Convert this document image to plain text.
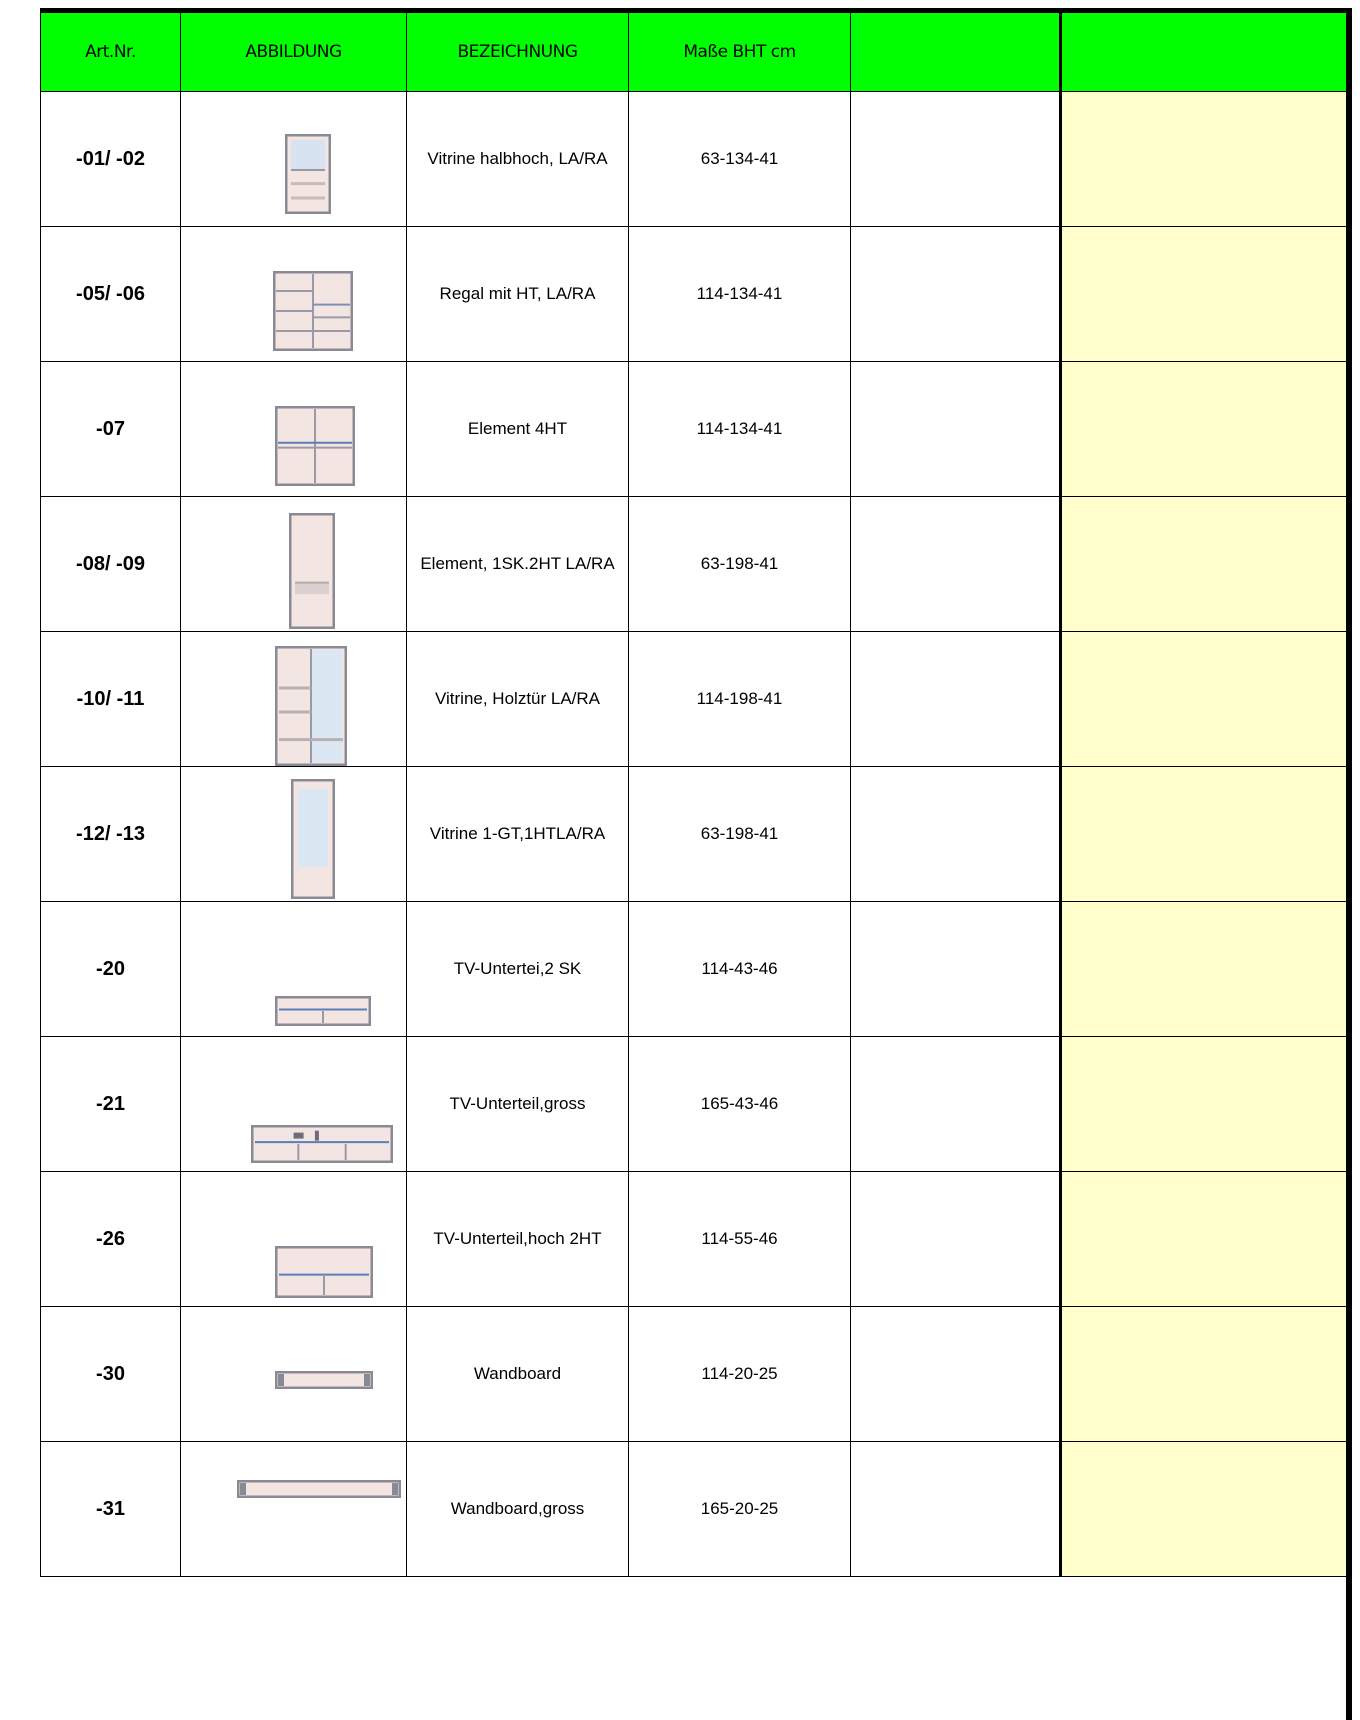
Art.Nr.	ABBILDUNG	BEZEICHNUNG	Maße BHT cm		
-01/ -02		Vitrine halbhoch, LA/RA	63-134-41		
-05/ -06		Regal mit HT, LA/RA	114-134-41		
-07		Element 4HT	114-134-41		
-08/ -09		Element, 1SK.2HT LA/RA	63-198-41		
-10/ -11		Vitrine, Holztür LA/RA	114-198-41		
-12/ -13		Vitrine 1-GT,1HTLA/RA	63-198-41		
-20		TV-Untertei,2 SK	114-43-46		
-21		TV-Unterteil,gross	165-43-46		
-26		TV-Unterteil,hoch 2HT	114-55-46		
-30		Wandboard	114-20-25		
-31		Wandboard,gross	165-20-25		
